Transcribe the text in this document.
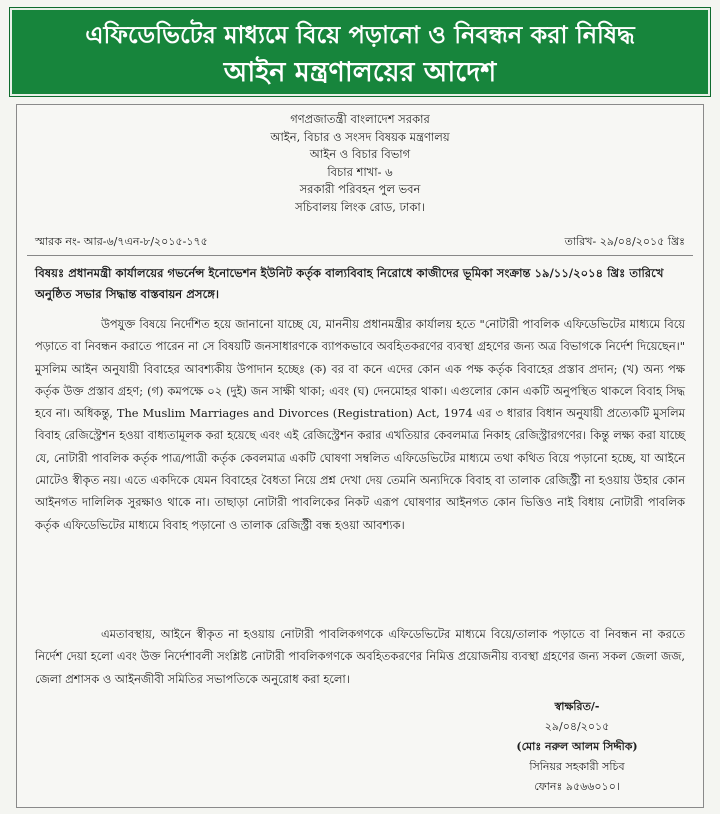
এফিডেভিটের মাধ্যমে বিয়ে পড়ানো ও নিবন্ধন করা নিষিদ্ধ
আইন মন্ত্রণালয়ের আদেশ
গণপ্রজাতন্ত্রী বাংলাদেশ সরকার
আইন, বিচার ও সংসদ বিষয়ক মন্ত্রণালয়
আইন ও বিচার বিভাগ
বিচার শাখা- ৬
সরকারী পরিবহন পুল ভবন
সচিবালয় লিংক রোড, ঢাকা।
স্মারক নং- আর-৬/৭এন-৮/২০১৫-১৭৫	তারিখ- ২৯/০৪/২০১৫ খ্রিঃ
বিষয়ঃ প্রধানমন্ত্রী কার্যালয়ের গভর্নেন্স ইনোভেশন ইউনিট কর্তৃক বাল্যবিবাহ নিরোধে কাজীদের ভূমিকা সংক্রান্ত ১৯/১১/২০১৪ খ্রিঃ তারিখে অনুষ্ঠিত সভার সিদ্ধান্ত বাস্তবায়ন প্রসঙ্গে।
উপযুক্ত বিষয়ে নির্দেশিত হয়ে জানানো যাচ্ছে যে, মাননীয় প্রধানমন্ত্রীর কার্যালয় হতে "নোটারী পাবলিক এফিডেভিটের মাধ্যমে বিয়ে পড়াতে বা নিবন্ধন করাতে পারেন না সে বিষয়টি জনসাধারণকে ব্যাপকভাবে অবহিতকরণের ব্যবস্থা গ্রহণের জন্য অত্র বিভাগকে নির্দেশ দিয়েছেন।" মুসলিম আইন অনুযায়ী বিবাহের আবশ্যকীয় উপাদান হচ্ছেঃ (ক) বর বা কনে এদের কোন এক পক্ষ কর্তৃক বিবাহের প্রস্তাব প্রদান; (খ) অন্য পক্ষ কর্তৃক উক্ত প্রস্তাব গ্রহণ; (গ) কমপক্ষে ০২ (দুই) জন সাক্ষী থাকা; এবং (ঘ) দেনমোহর থাকা। এগুলোর কোন একটি অনুপস্থিত থাকলে বিবাহ সিদ্ধ হবে না। অধিকন্তু, The Muslim Marriages and Divorces (Registration) Act, 1974 এর ৩ ধারার বিধান অনুযায়ী প্রত্যেকটি মুসলিম বিবাহ রেজিস্ট্রেশন হওয়া বাধ্যতামূলক করা হয়েছে এবং এই রেজিস্ট্রেশন করার এখতিয়ার কেবলমাত্র নিকাহ রেজিস্ট্রারগণের। কিন্তু লক্ষ্য করা যাচ্ছে যে, নোটারী পাবলিক কর্তৃক পাত্র/পাত্রী কর্তৃক কেবলমাত্র একটি ঘোষণা সম্বলিত এফিডেভিটের মাধ্যমে তথা কথিত বিয়ে পড়ানো হচ্ছে, যা আইনে মোটেও স্বীকৃত নয়। এতে একদিকে যেমন বিবাহের বৈধতা নিয়ে প্রশ্ন দেখা দেয় তেমনি অন্যদিকে বিবাহ বা তালাক রেজিস্ট্রী না হওয়ায় উহার কোন আইনগত দালিলিক সুরক্ষাও থাকে না। তাছাড়া নোটারী পাবলিকের নিকট এরূপ ঘোষণার আইনগত কোন ভিত্তিও নাই বিধায় নোটারী পাবলিক কর্তৃক এফিডেভিটের মাধ্যমে বিবাহ পড়ানো ও তালাক রেজিস্ট্রী বন্ধ হওয়া আবশ্যক।
এমতাবস্থায়, আইনে স্বীকৃত না হওয়ায় নোটারী পাবলিকগণকে এফিডেভিটের মাধ্যমে বিয়ে/তালাক পড়াতে বা নিবন্ধন না করতে নির্দেশ দেয়া হলো এবং উক্ত নির্দেশাবলী সংশ্লিষ্ট নোটারী পাবলিকগণকে অবহিতকরণের নিমিত্ত প্রয়োজনীয় ব্যবস্থা গ্রহণের জন্য সকল জেলা জজ, জেলা প্রশাসক ও আইনজীবী সমিতির সভাপতিকে অনুরোধ করা হলো।
স্বাক্ষরিত/-
২৯/০৪/২০১৫
(মোঃ নরুল আলম সিদ্দীক)
সিনিয়র সহকারী সচিব
ফোনঃ ৯৫৬৬০১০।
